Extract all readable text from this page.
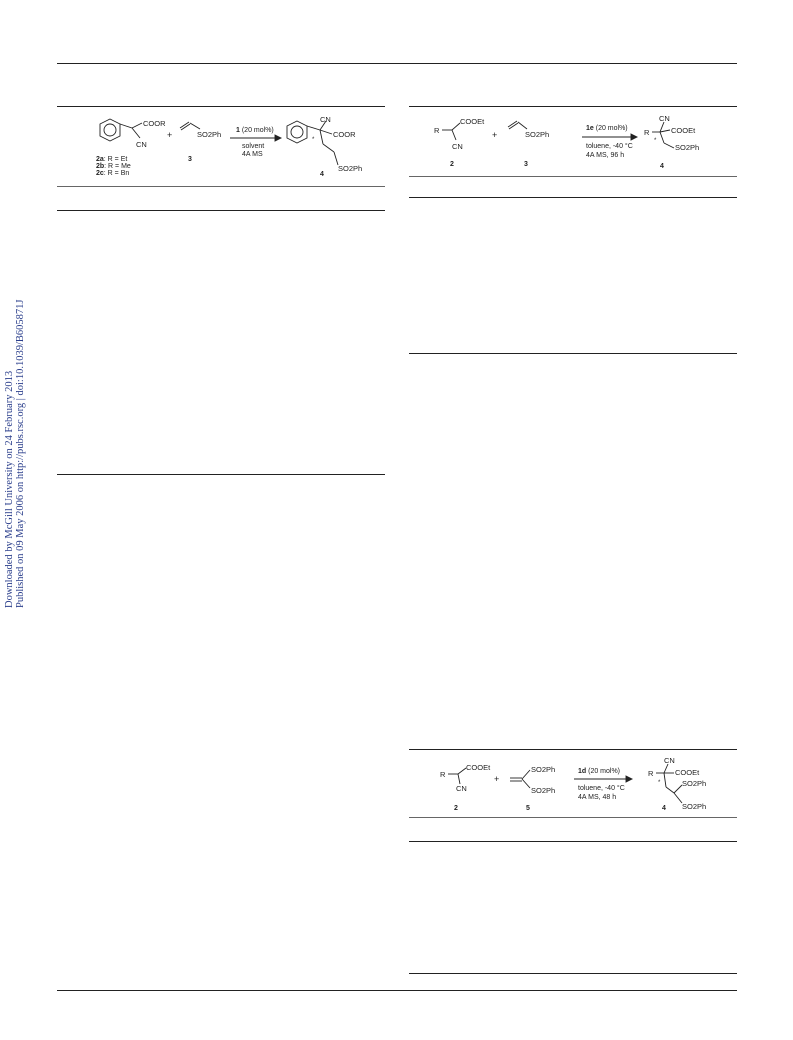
Downloaded by McGill University on 24 February 2013 Published on 09 May 2006 on http://pubs.rsc.org | doi:10.1039/B605871J
COOR
CN
SO2Ph
+	1 (20 mol%)
solvent
4A MS
2a: R = Et
2b: R = Me
2c: R = Bn
3
CN
COOR
*
SO2Ph
4
R
COOEt
CN
+	SO2Ph
1e (20 mol%)
toluene, -40 °C
4A MS, 96 h
2	3
R
CN
COOEt
*
SO2Ph
4
R
COOEt
CN
+
SO2Ph
SO2Ph
1d (20 mol%)
toluene, -40 °C
4A MS, 48 h
2	5
R
CN
COOEt
*	SO2Ph
SO2Ph
4
